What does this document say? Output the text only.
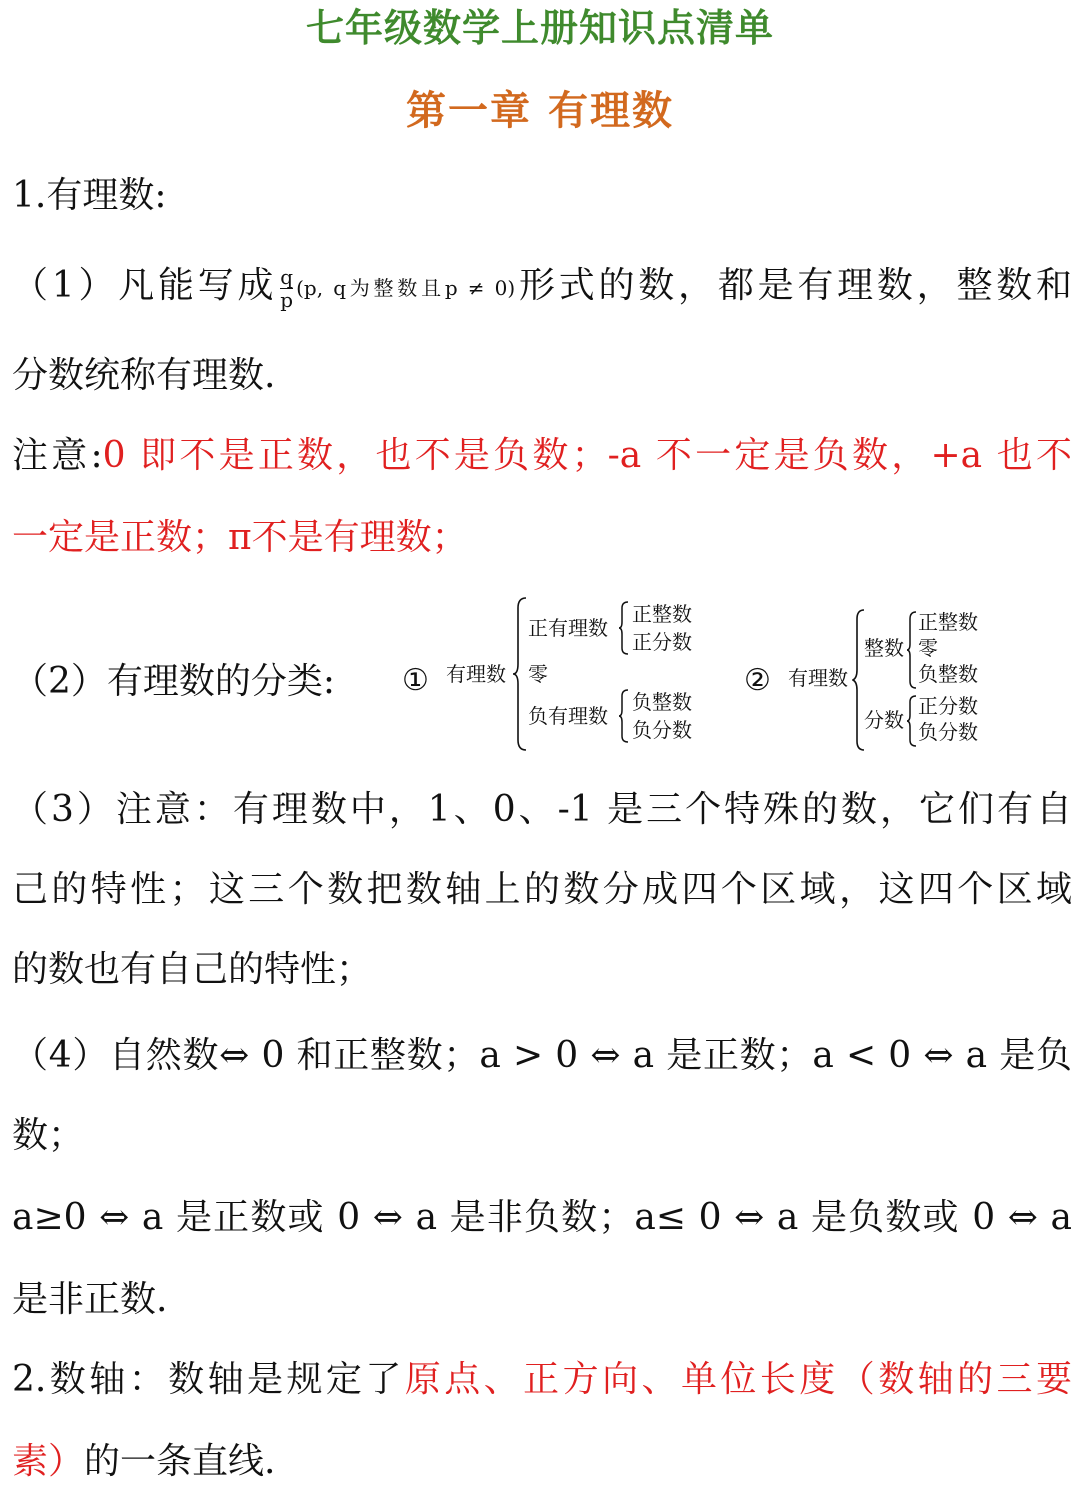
七年级数学上册知识点清单
第一章 有理数
1.有理数:
（1）凡能写成 $\frac{q}{p} (p$, q为整数且p ≠ 0)形式的数，都是有理数，整数和
分数统称有理数.
注意:0 即不是正数，也不是负数；-a 不一定是负数，+a 也不
一定是正数；π不是有理数；
（2）有理数的分类: ① 有理数
正有理数
正整数
正分数
零
负有理数
负整数
负分数
② 有理数
整数
正整数
零
负整数
分数
正分数
负分数
（3）注意：有理数中，1、0、-1 是三个特殊的数，它们有自
己的特性；这三个数把数轴上的数分成四个区域，这四个区域
的数也有自己的特性；
（4）自然数⇔ 0 和正整数；a > 0 ⇔ a 是正数；a < 0 ⇔ a 是负
数；
a≥0 ⇔ a 是正数或 0 ⇔ a 是非负数；a≤ 0 ⇔ a 是负数或 0 ⇔ a
是非正数.
2.数轴：数轴是规定了原点、正方向、单位长度（数轴的三要
素）的一条直线.
